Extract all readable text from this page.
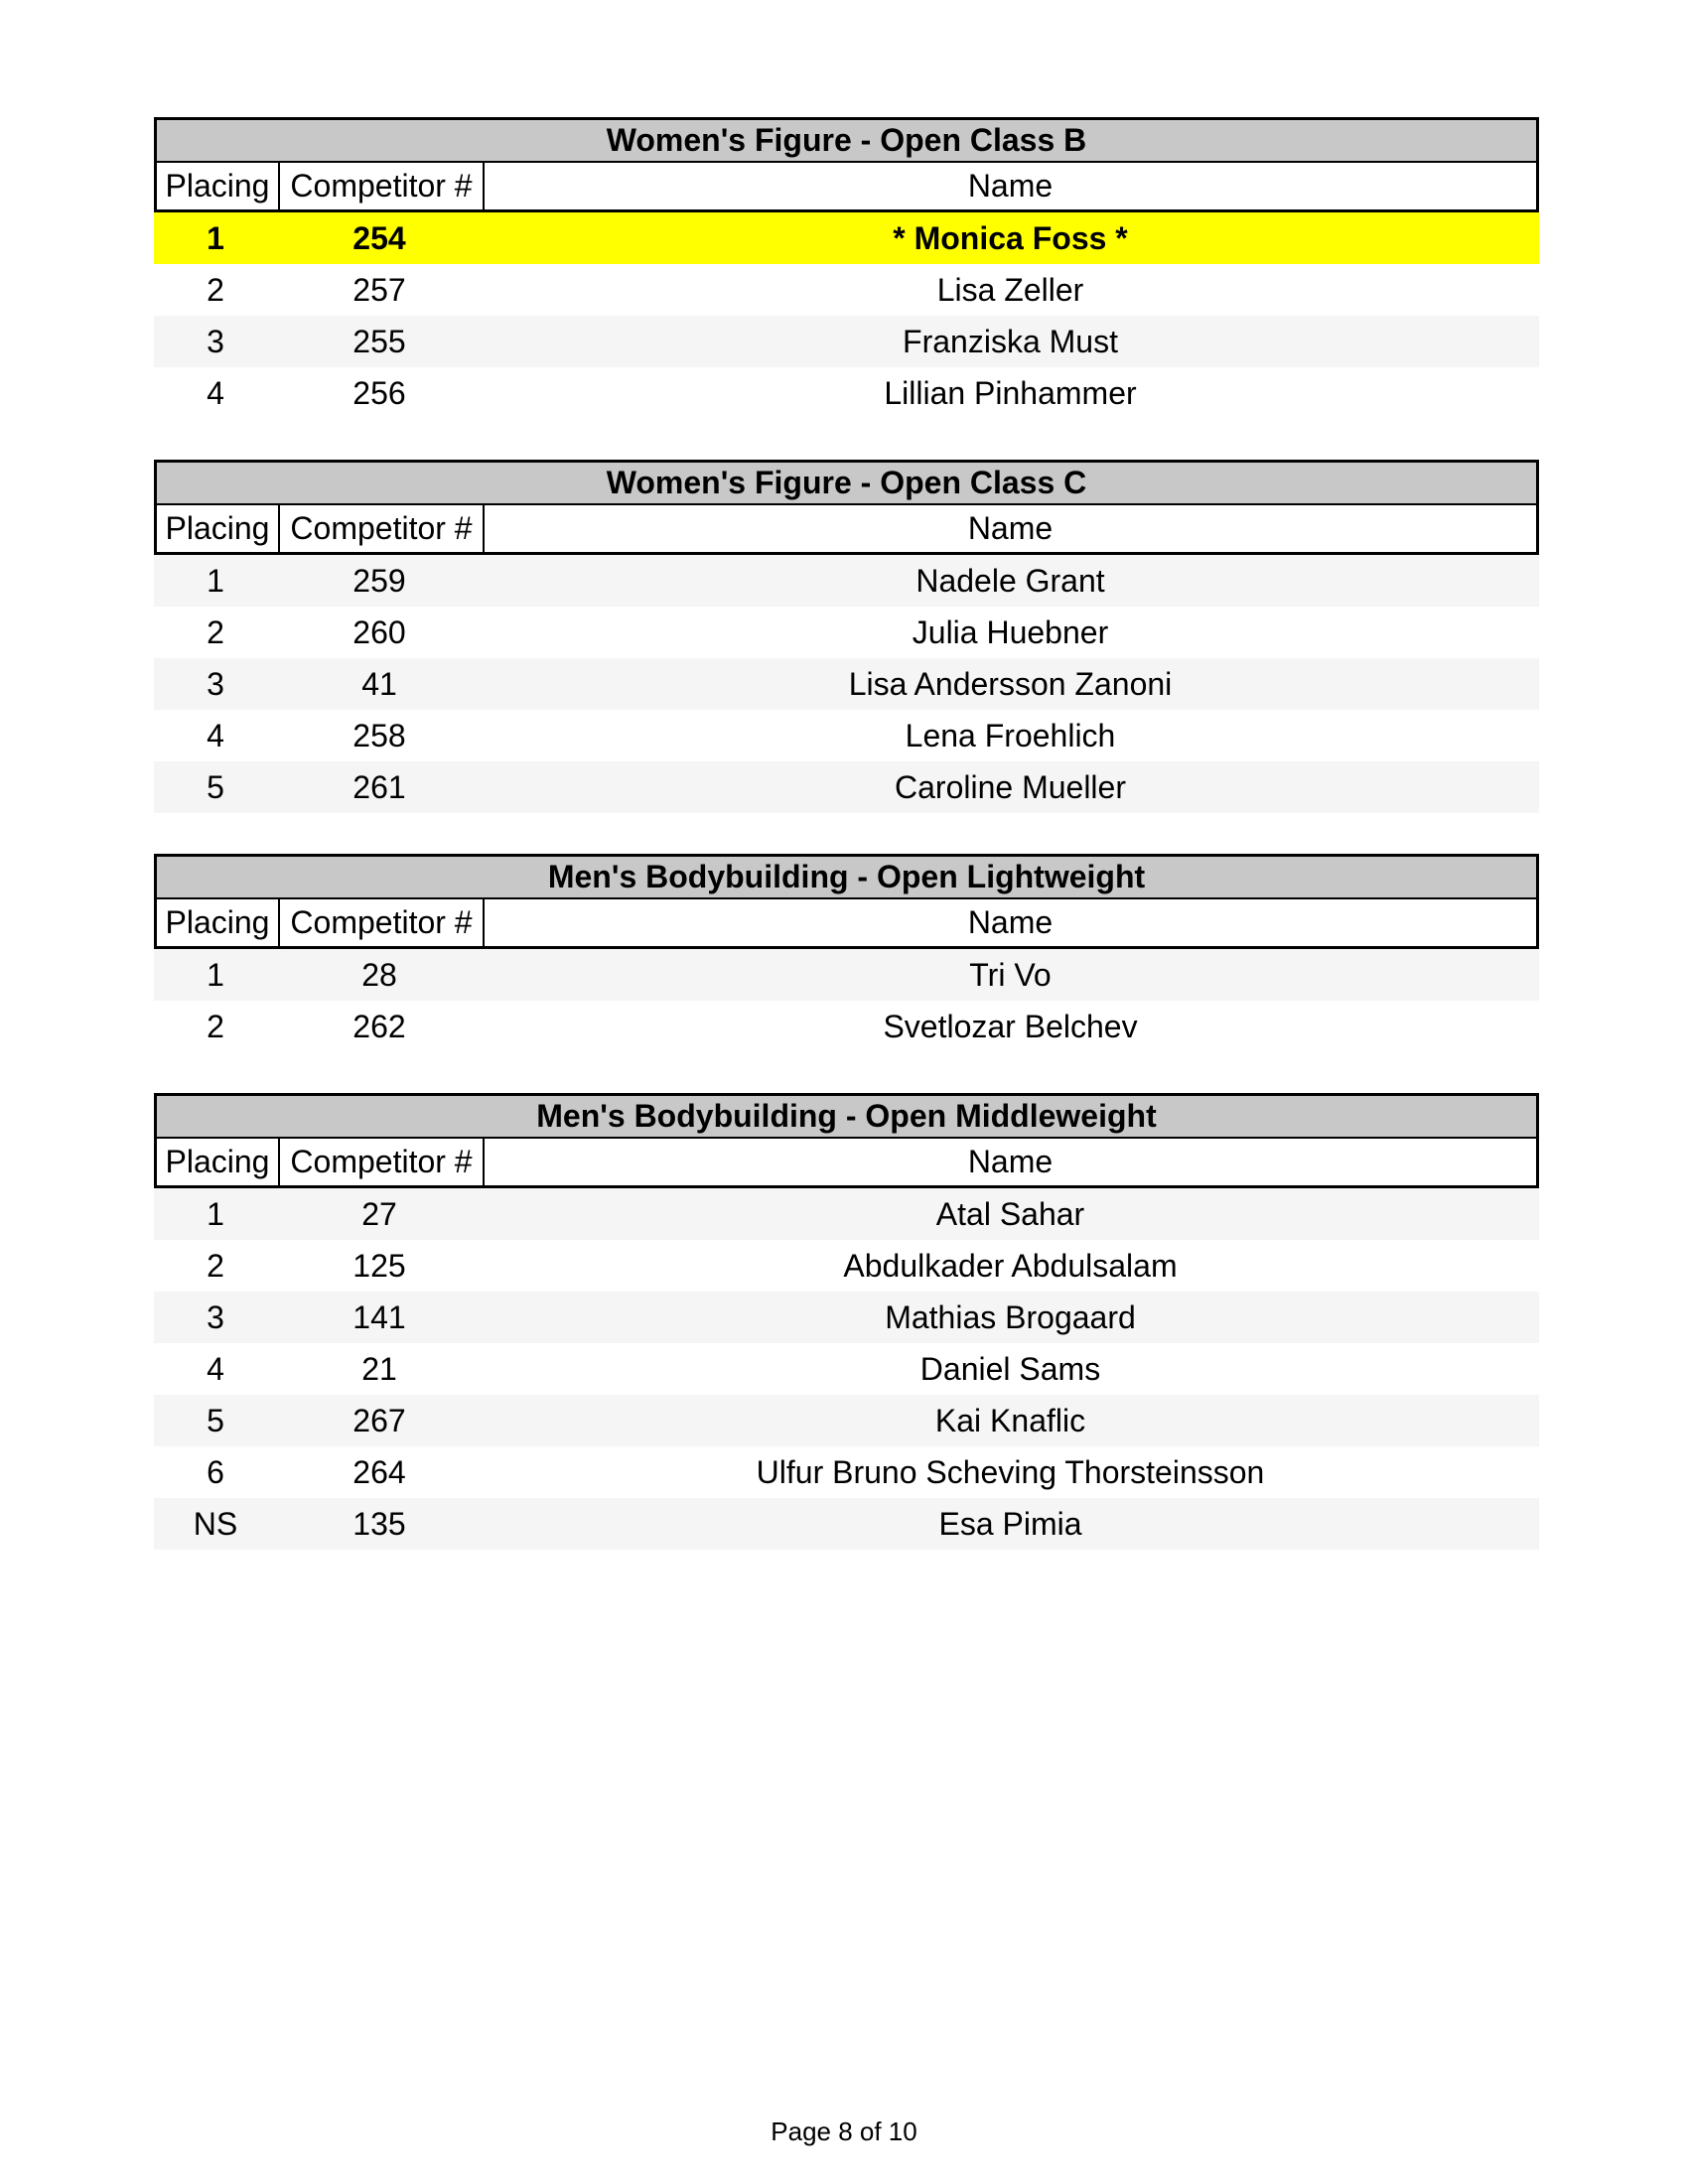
Women's Figure - Open Class B
Placing Competitor #	Name
1	254	* Monica Foss *
2	257	Lisa Zeller
3	255	Franziska Must
4	256	Lillian Pinhammer
Women's Figure - Open Class C
Placing Competitor #	Name
1	259	Nadele Grant
2	260	Julia Huebner
3	41	Lisa Andersson Zanoni
4	258	Lena Froehlich
5	261	Caroline Mueller
Men's Bodybuilding - Open Lightweight
Placing Competitor #	Name
1	28	Tri Vo
2	262	Svetlozar Belchev
Men's Bodybuilding - Open Middleweight
Placing Competitor #	Name
1	27	Atal Sahar
2	125	Abdulkader Abdulsalam
3	141	Mathias Brogaard
4	21	Daniel Sams
5	267	Kai Knaflic
6	264	Ulfur Bruno Scheving Thorsteinsson
NS	135	Esa Pimia
Page 8 of 10
